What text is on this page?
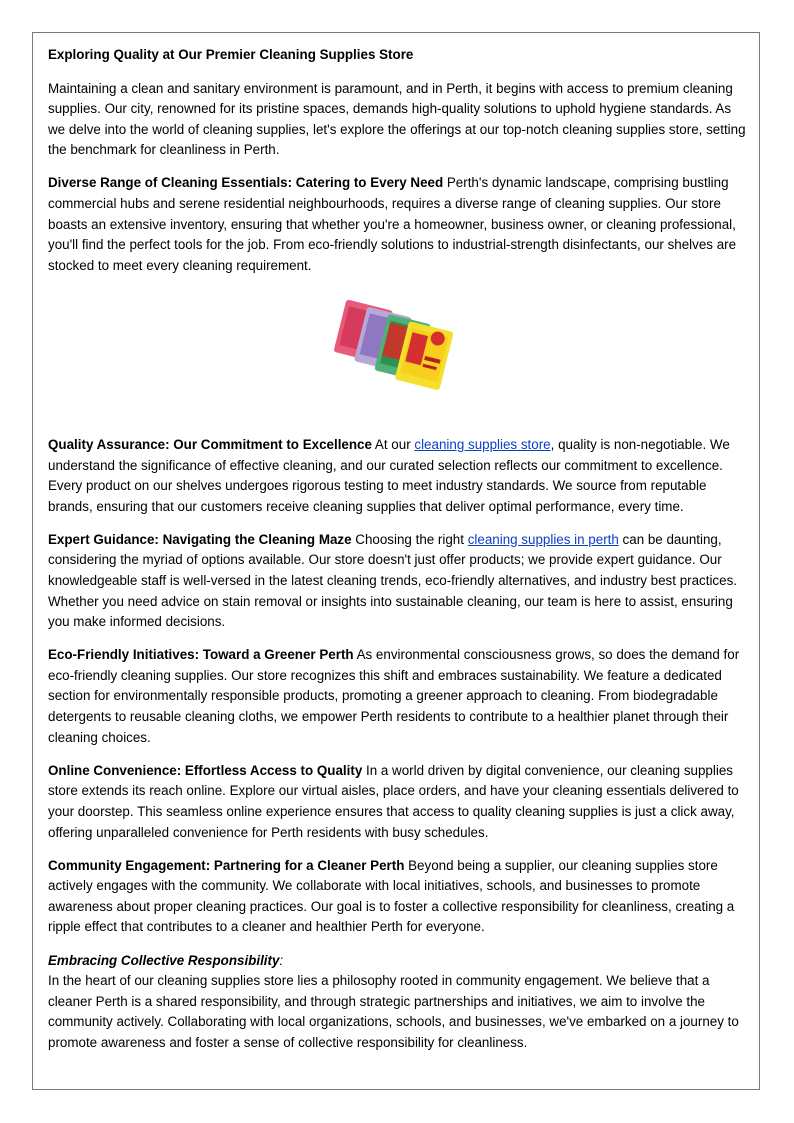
Exploring Quality at Our Premier Cleaning Supplies Store

Maintaining a clean and sanitary environment is paramount, and in Perth, it begins with access to premium cleaning supplies. Our city, renowned for its pristine spaces, demands high-quality solutions to uphold hygiene standards. As we delve into the world of cleaning supplies, let's explore the offerings at our top-notch cleaning supplies store, setting the benchmark for cleanliness in Perth.

Diverse Range of Cleaning Essentials: Catering to Every Need Perth's dynamic landscape, comprising bustling commercial hubs and serene residential neighbourhoods, requires a diverse range of cleaning supplies. Our store boasts an extensive inventory, ensuring that whether you're a homeowner, business owner, or cleaning professional, you'll find the perfect tools for the job. From eco-friendly solutions to industrial-strength disinfectants, our shelves are stocked to meet every cleaning requirement.

Quality Assurance: Our Commitment to Excellence At our cleaning supplies store, quality is non-negotiable. We understand the significance of effective cleaning, and our curated selection reflects our commitment to excellence. Every product on our shelves undergoes rigorous testing to meet industry standards. We source from reputable brands, ensuring that our customers receive cleaning supplies that deliver optimal performance, every time.

Expert Guidance: Navigating the Cleaning Maze Choosing the right cleaning supplies in perth can be daunting, considering the myriad of options available. Our store doesn't just offer products; we provide expert guidance. Our knowledgeable staff is well-versed in the latest cleaning trends, eco-friendly alternatives, and industry best practices. Whether you need advice on stain removal or insights into sustainable cleaning, our team is here to assist, ensuring you make informed decisions.

Eco-Friendly Initiatives: Toward a Greener Perth As environmental consciousness grows, so does the demand for eco-friendly cleaning supplies. Our store recognizes this shift and embraces sustainability. We feature a dedicated section for environmentally responsible products, promoting a greener approach to cleaning. From biodegradable detergents to reusable cleaning cloths, we empower Perth residents to contribute to a healthier planet through their cleaning choices.

Online Convenience: Effortless Access to Quality In a world driven by digital convenience, our cleaning supplies store extends its reach online. Explore our virtual aisles, place orders, and have your cleaning essentials delivered to your doorstep. This seamless online experience ensures that access to quality cleaning supplies is just a click away, offering unparalleled convenience for Perth residents with busy schedules.

Community Engagement: Partnering for a Cleaner Perth Beyond being a supplier, our cleaning supplies store actively engages with the community. We collaborate with local initiatives, schools, and businesses to promote awareness about proper cleaning practices. Our goal is to foster a collective responsibility for cleanliness, creating a ripple effect that contributes to a cleaner and healthier Perth for everyone.

Embracing Collective Responsibility:
In the heart of our cleaning supplies store lies a philosophy rooted in community engagement. We believe that a cleaner Perth is a shared responsibility, and through strategic partnerships and initiatives, we aim to involve the community actively. Collaborating with local organizations, schools, and businesses, we've embarked on a journey to promote awareness and foster a sense of collective responsibility for cleanliness.
